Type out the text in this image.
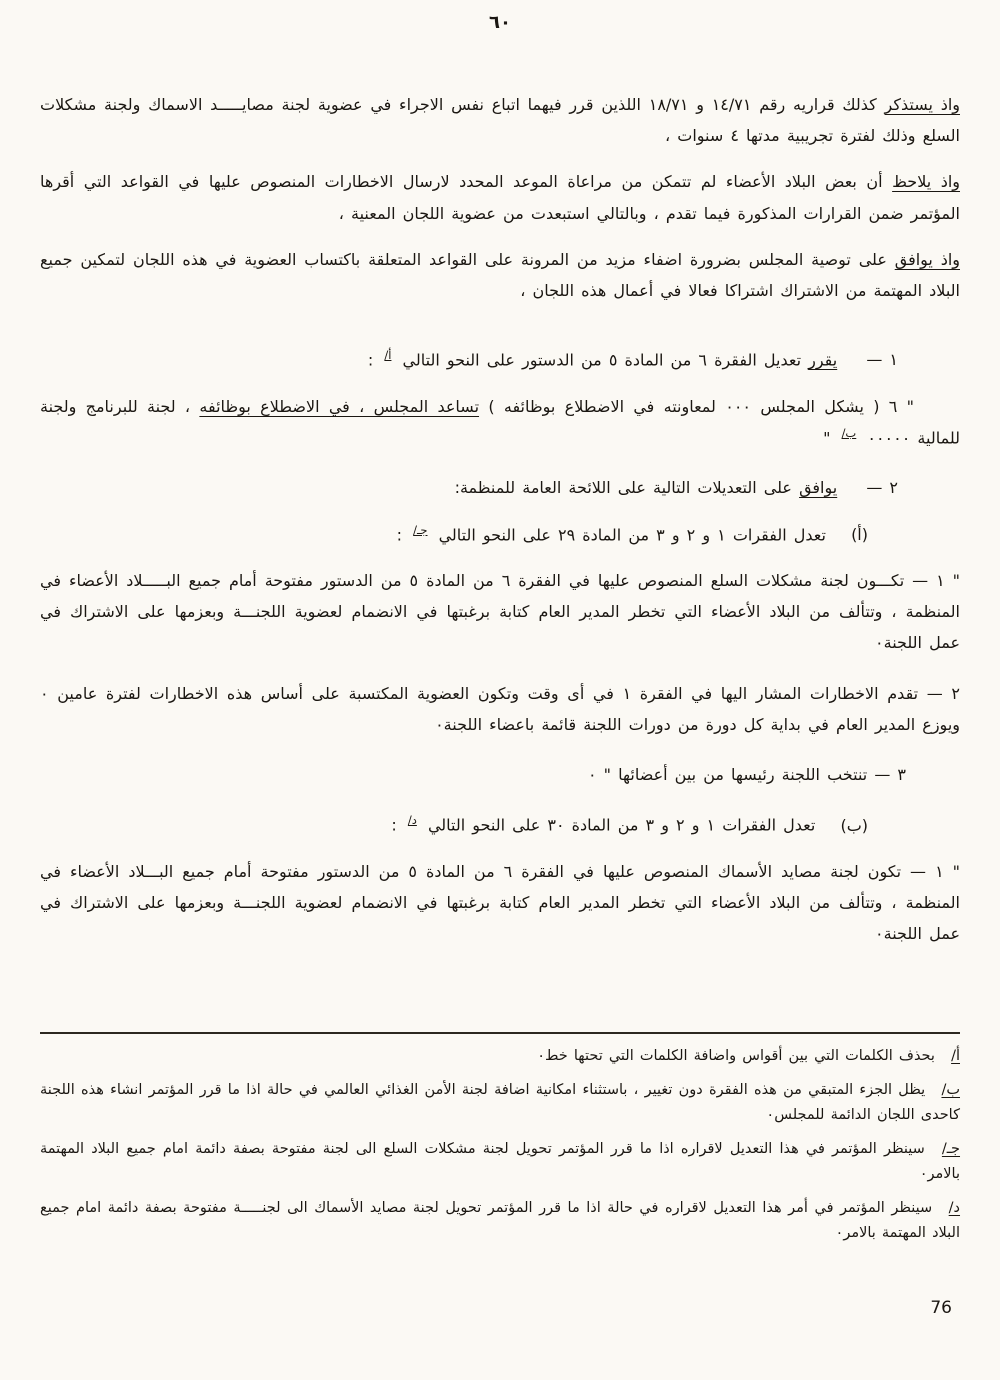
٦٠

واذ يستذكر كذلك قراريه رقم ١٤/٧١ و ١٨/٧١ اللذين قرر فيهما اتباع نفس الاجراء في عضوية لجنة مصايـــــد الاسماك ولجنة مشكلات السلع وذلك لفترة تجريبية مدتها ٤ سنوات ،

واذ يلاحظ أن بعض البلاد الأعضاء لم تتمكن من مراعاة الموعد المحدد لارسال الاخطارات المنصوص عليها في القواعد التي أقرها المؤتمر ضمن القرارات المذكورة فيما تقدم ، وبالتالي استبعدت من عضوية اللجان المعنية ،

واذ يوافق على توصية المجلس بضرورة اضفاء مزيد من المرونة على القواعد المتعلقة باكتساب العضوية في هذه اللجان لتمكين جميع البلاد المهتمة من الاشتراك اشتراكا فعالا في أعمال هذه اللجان ،

١ — يقرر تعديل الفقرة ٦ من المادة ٥ من الدستور على النحو التالي $^{أ/}$ :

" ٦ ( يشكل المجلس ٠٠٠ لمعاونته في الاضطلاع بوظائفه ) تساعد المجلس ، في الاضطلاع بوظائفه ، لجنة للبرنامج ولجنة للمالية ٠٠٠٠٠ $^{ب/}$ "

٢ — يوافق على التعديلات التالية على اللائحة العامة للمنظمة:

(أ) تعدل الفقرات ١ و ٢ و ٣ من المادة ٢٩ على النحو التالي $^{جـ/}$ :

" ١ — تكـــون لجنة مشكلات السلع المنصوص عليها في الفقرة ٦ من المادة ٥ من الدستور مفتوحة أمام جميع البـــــلاد الأعضاء في المنظمة ، وتتألف من البلاد الأعضاء التي تخطر المدير العام كتابة برغبتها في الانضمام لعضوية اللجنـــة وبعزمها على الاشتراك في عمل اللجنة٠

٢ — تقدم الاخطارات المشار اليها في الفقرة ١ في أى وقت وتكون العضوية المكتسبة على أساس هذه الاخطارات لفترة عامين ٠ ويوزع المدير العام في بداية كل دورة من دورات اللجنة قائمة باعضاء اللجنة٠

٣ — تنتخب اللجنة رئيسها من بين أعضائها " ٠

(ب) تعدل الفقرات ١ و ٢ و ٣ من المادة ٣٠ على النحو التالي $^{د/}$ :

" ١ — تكون لجنة مصايد الأسماك المنصوص عليها في الفقرة ٦ من المادة ٥ من الدستور مفتوحة أمام جميع البـــلاد الأعضاء في المنظمة ، وتتألف من البلاد الأعضاء التي تخطر المدير العام كتابة برغبتها في الانضمام لعضوية اللجنـــة وبعزمها على الاشتراك في عمل اللجنة٠

أ/ بحذف الكلمات التي بين أقواس واضافة الكلمات التي تحتها خط٠
ب/ يظل الجزء المتبقي من هذه الفقرة دون تغيير ، باستثناء امكانية اضافة لجنة الأمن الغذائي العالمي في حالة اذا ما قرر المؤتمر انشاء هذه اللجنة كاحدى اللجان الدائمة للمجلس٠
جـ/ سينظر المؤتمر في هذا التعديل لاقراره اذا ما قرر المؤتمر تحويل لجنة مشكلات السلع الى لجنة مفتوحة بصفة دائمة امام جميع البلاد المهتمة بالامر٠
د/ سينظر المؤتمر في أمر هذا التعديل لاقراره في حالة اذا ما قرر المؤتمر تحويل لجنة مصايد الأسماك الى لجنـــــة مفتوحة بصفة دائمة امام جميع البلاد المهتمة بالامر٠
76
